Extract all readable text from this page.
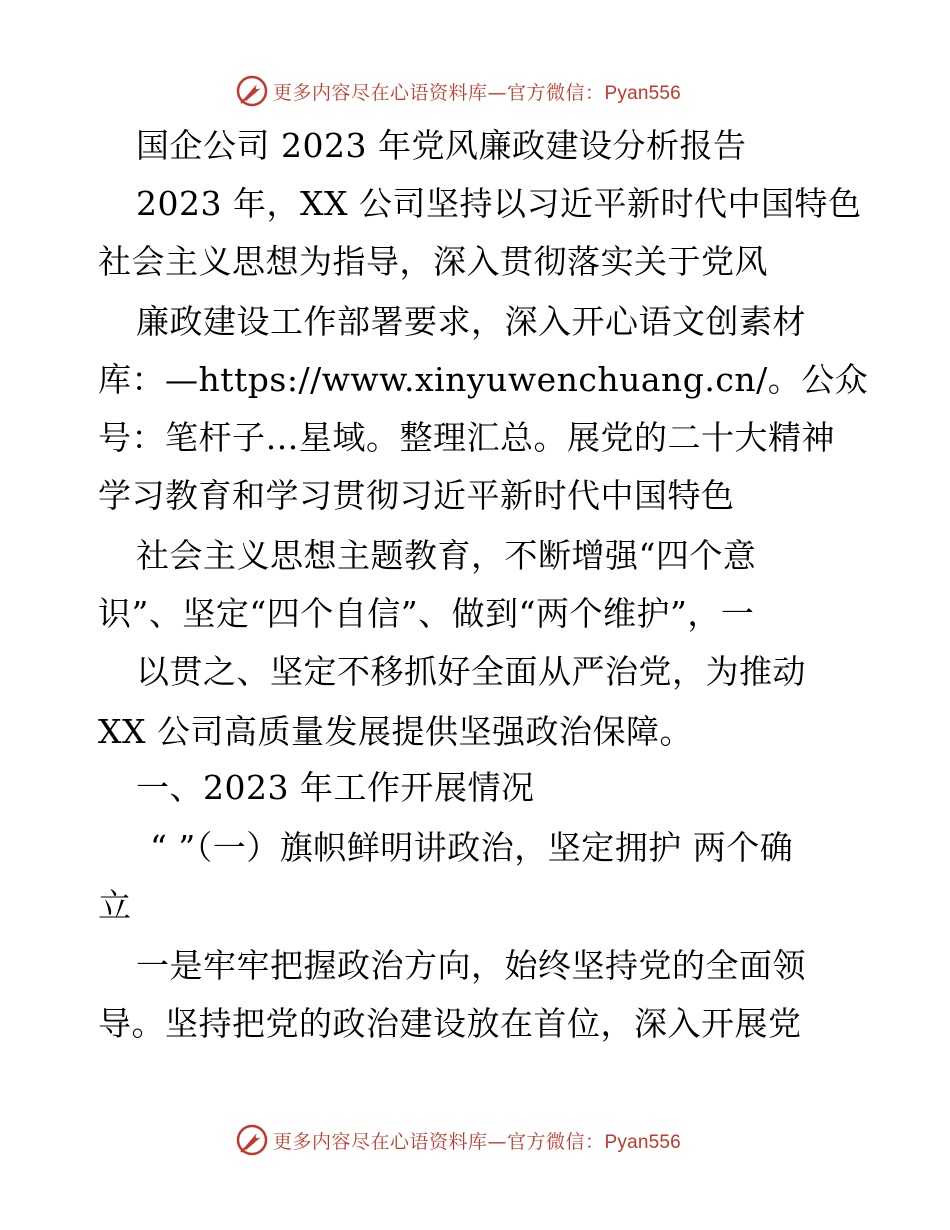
更多内容尽在心语资料库—官方微信：Pyan556
国企公司 2023 年党风廉政建设分析报告
2023 年，XX 公司坚持以习近平新时代中国特色
社会主义思想为指导，深入贯彻落实关于党风
廉政建设工作部署要求，深入开心语文创素材
库：—https://www.xinyuwenchuang.cn/。公众
号：笔杆子…星域。整理汇总。展党的二十大精神
学习教育和学习贯彻习近平新时代中国特色
社会主义思想主题教育，不断增强“四个意
识”、坚定“四个自信”、做到“两个维护”，一
以贯之、坚定不移抓好全面从严治党，为推动
XX 公司高质量发展提供坚强政治保障。
一、2023 年工作开展情况
“ ”（一）旗帜鲜明讲政治，坚定拥护 两个确
立
一是牢牢把握政治方向，始终坚持党的全面领
导。坚持把党的政治建设放在首位，深入开展党
更多内容尽在心语资料库—官方微信：Pyan556
